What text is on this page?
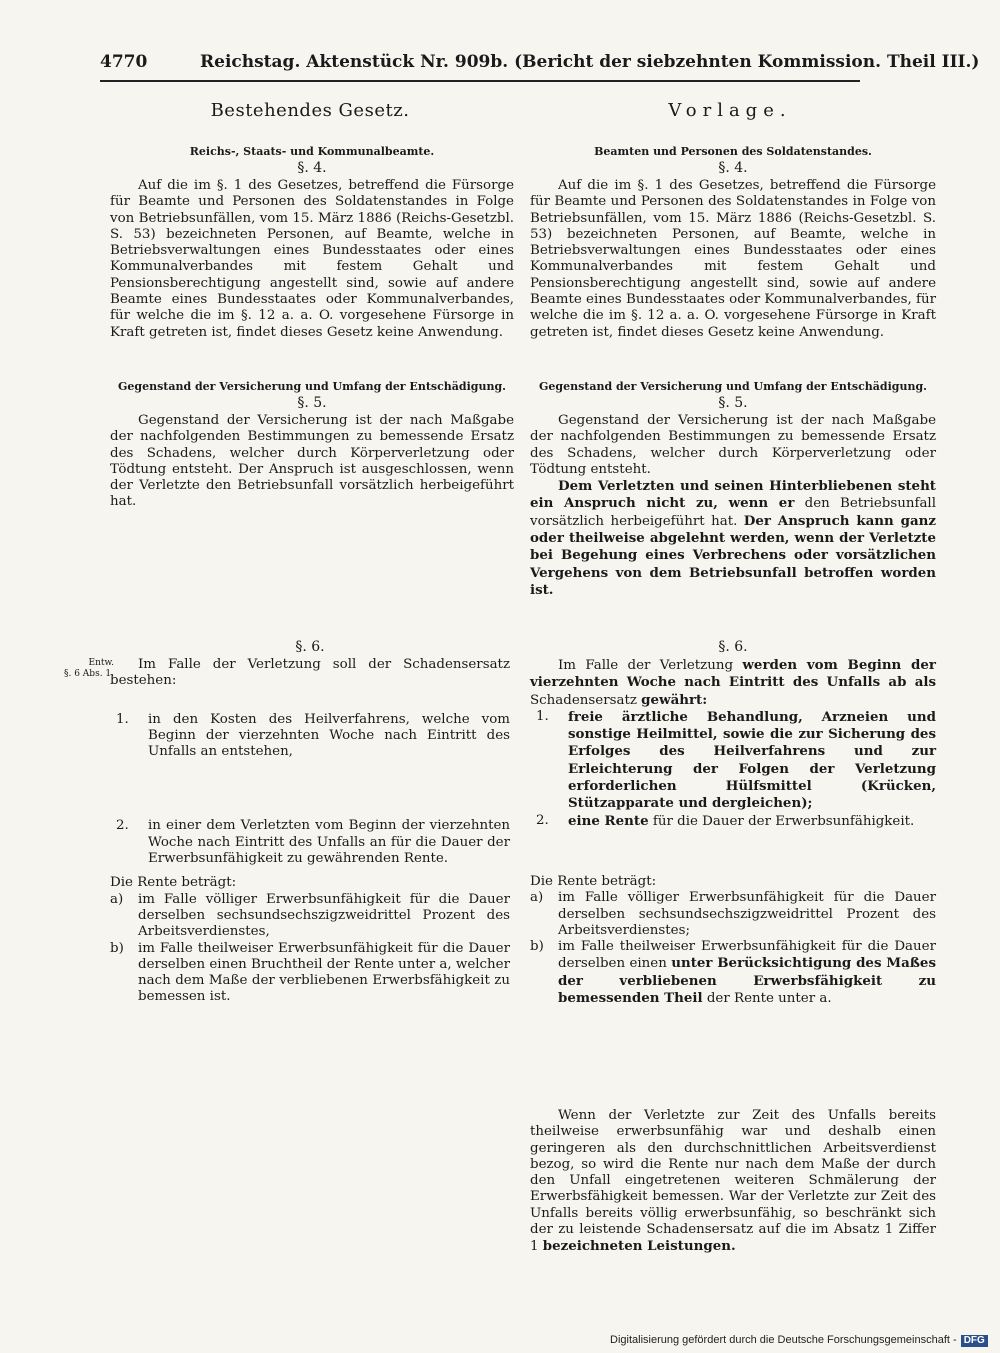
4770	Reichstag. Aktenstück Nr. 909b. (Bericht der siebzehnten Kommission. Theil III.)
Bestehendes Gesetz.	Vorlage.
Reichs-, Staats- und Kommunalbeamte.
§. 4.

Auf die im §. 1 des Gesetzes, betreffend die Fürsorge für Beamte und Personen des Soldatenstandes in Folge von Betriebsunfällen, vom 15. März 1886 (Reichs-Gesetzbl. S. 53) bezeichneten Personen, auf Beamte, welche in Betriebsverwaltungen eines Bundesstaates oder eines Kommunalverbandes mit festem Gehalt und Pensionsberechtigung angestellt sind, sowie auf andere Beamte eines Bundesstaates oder Kommunalverbandes, für welche die im §. 12 a. a. O. vorgesehene Fürsorge in Kraft getreten ist, findet dieses Gesetz keine Anwendung.

Beamten und Personen des Soldatenstandes.
§. 4.

Auf die im §. 1 des Gesetzes, betreffend die Fürsorge für Beamte und Personen des Soldatenstandes in Folge von Betriebsunfällen, vom 15. März 1886 (Reichs-Gesetzbl. S. 53) bezeichneten Personen, auf Beamte, welche in Betriebsverwaltungen eines Bundesstaates oder eines Kommunalverbandes mit festem Gehalt und Pensionsberechtigung angestellt sind, sowie auf andere Beamte eines Bundesstaates oder Kommunalverbandes, für welche die im §. 12 a. a. O. vorgesehene Fürsorge in Kraft getreten ist, findet dieses Gesetz keine Anwendung.

Gegenstand der Versicherung und Umfang der Entschädigung.
§. 5.

Gegenstand der Versicherung ist der nach Maßgabe der nachfolgenden Bestimmungen zu bemessende Ersatz des Schadens, welcher durch Körperverletzung oder Tödtung entsteht. Der Anspruch ist ausgeschlossen, wenn der Verletzte den Betriebsunfall vorsätzlich herbeigeführt hat.

Gegenstand der Versicherung und Umfang der Entschädigung.
§. 5.

Gegenstand der Versicherung ist der nach Maßgabe der nachfolgenden Bestimmungen zu bemessende Ersatz des Schadens, welcher durch Körperverletzung oder Tödtung entsteht.

Dem Verletzten und seinen Hinterbliebenen steht ein Anspruch nicht zu, wenn er den Betriebsunfall vorsätzlich herbeigeführt hat. Der Anspruch kann ganz oder theilweise abgelehnt werden, wenn der Verletzte bei Begehung eines Verbrechens oder vorsätzlichen Vergehens von dem Betriebsunfall betroffen worden ist.

Entw.
§. 6 Abs. 1.
§. 6.

Im Falle der Verletzung soll der Schadensersatz bestehen:

1. in den Kosten des Heilverfahrens, welche vom Beginn der vierzehnten Woche nach Eintritt des Unfalls an entstehen,

2. in einer dem Verletzten vom Beginn der vierzehnten Woche nach Eintritt des Unfalls an für die Dauer der Erwerbsunfähigkeit zu gewährenden Rente.

Die Rente beträgt:

a) im Falle völliger Erwerbsunfähigkeit für die Dauer derselben sechsundsechszigzweidrittel Prozent des Arbeitsverdienstes,

b) im Falle theilweiser Erwerbsunfähigkeit für die Dauer derselben einen Bruchtheil der Rente unter a, welcher nach dem Maße der verbliebenen Erwerbsfähigkeit zu bemessen ist.

§. 6.

Im Falle der Verletzung werden vom Beginn der vierzehnten Woche nach Eintritt des Unfalls ab als Schadensersatz gewährt:

1. freie ärztliche Behandlung, Arzneien und sonstige Heilmittel, sowie die zur Sicherung des Erfolges des Heilverfahrens und zur Erleichterung der Folgen der Verletzung erforderlichen Hülfsmittel (Krücken, Stützapparate und dergleichen);

2. eine Rente für die Dauer der Erwerbsunfähigkeit.

Die Rente beträgt:

a) im Falle völliger Erwerbsunfähigkeit für die Dauer derselben sechsundsechszigzweidrittel Prozent des Arbeitsverdienstes;

b) im Falle theilweiser Erwerbsunfähigkeit für die Dauer derselben einen unter Berücksichtigung des Maßes der verbliebenen Erwerbsfähigkeit zu bemessenden Theil der Rente unter a.

Wenn der Verletzte zur Zeit des Unfalls bereits theilweise erwerbsunfähig war und deshalb einen geringeren als den durchschnittlichen Arbeitsverdienst bezog, so wird die Rente nur nach dem Maße der durch den Unfall eingetretenen weiteren Schmälerung der Erwerbsfähigkeit bemessen. War der Verletzte zur Zeit des Unfalls bereits völlig erwerbsunfähig, so beschränkt sich der zu leistende Schadensersatz auf die im Absatz 1 Ziffer 1 bezeichneten Leistungen.

Digitalisierung gefördert durch die Deutsche Forschungsgemeinschaft - DFG
